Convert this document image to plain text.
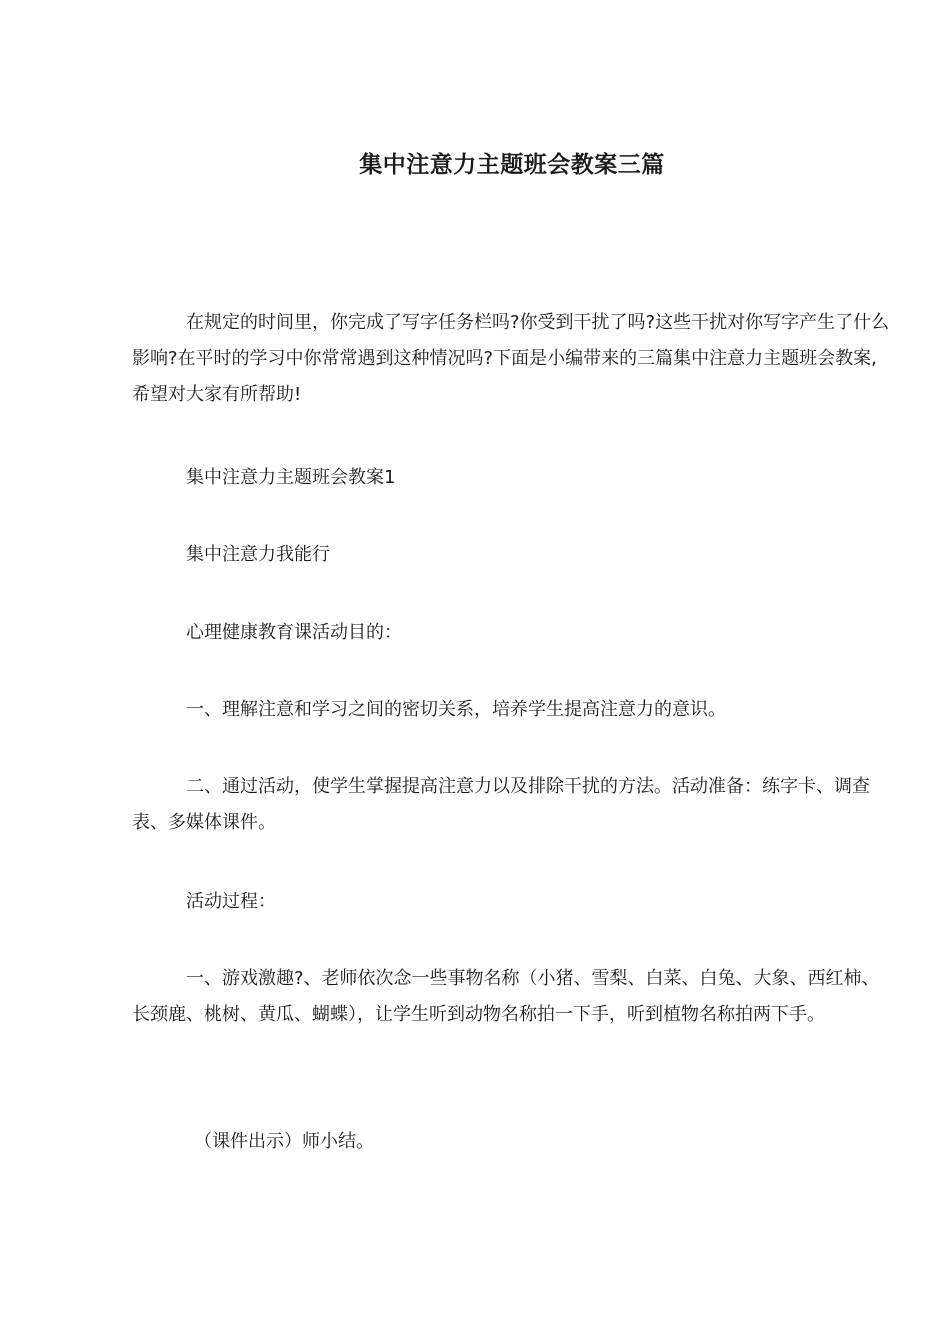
集中注意力主题班会教案三篇

在规定的时间里，你完成了写字任务栏吗?你受到干扰了吗?这些干扰对你写字产生了什么影响?在平时的学习中你常常遇到这种情况吗?下面是小编带来的三篇集中注意力主题班会教案,希望对大家有所帮助!

集中注意力主题班会教案1

集中注意力我能行

心理健康教育课活动目的：

一、理解注意和学习之间的密切关系，培养学生提高注意力的意识。

二、通过活动，使学生掌握提高注意力以及排除干扰的方法。活动准备：练字卡、调查表、多媒体课件。

活动过程：

一、游戏激趣?、老师依次念一些事物名称（小猪、雪梨、白菜、白兔、大象、西红柿、长颈鹿、桃树、黄瓜、蝴蝶），让学生听到动物名称拍一下手，听到植物名称拍两下手。

（课件出示）师小结。
